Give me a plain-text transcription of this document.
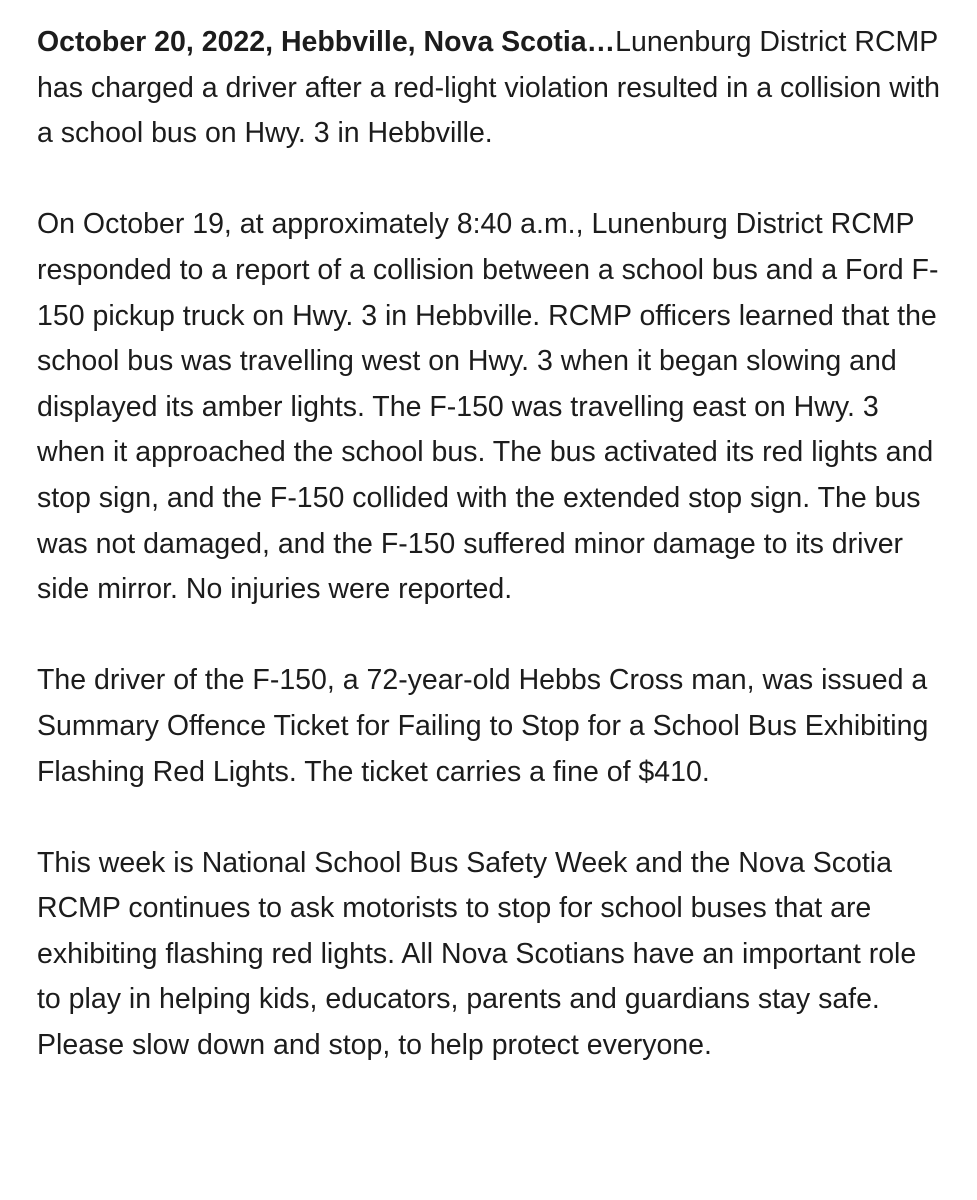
October 20, 2022, Hebbville, Nova Scotia…Lunenburg District RCMP has charged a driver after a red-light violation resulted in a collision with a school bus on Hwy. 3 in Hebbville.

On October 19, at approximately 8:40 a.m., Lunenburg District RCMP responded to a report of a collision between a school bus and a Ford F-150 pickup truck on Hwy. 3 in Hebbville. RCMP officers learned that the school bus was travelling west on Hwy. 3 when it began slowing and displayed its amber lights. The F-150 was travelling east on Hwy. 3 when it approached the school bus. The bus activated its red lights and stop sign, and the F-150 collided with the extended stop sign. The bus was not damaged, and the F-150 suffered minor damage to its driver side mirror. No injuries were reported.

The driver of the F-150, a 72-year-old Hebbs Cross man, was issued a Summary Offence Ticket for Failing to Stop for a School Bus Exhibiting Flashing Red Lights. The ticket carries a fine of $410.

This week is National School Bus Safety Week and the Nova Scotia RCMP continues to ask motorists to stop for school buses that are exhibiting flashing red lights. All Nova Scotians have an important role to play in helping kids, educators, parents and guardians stay safe. Please slow down and stop, to help protect everyone.
